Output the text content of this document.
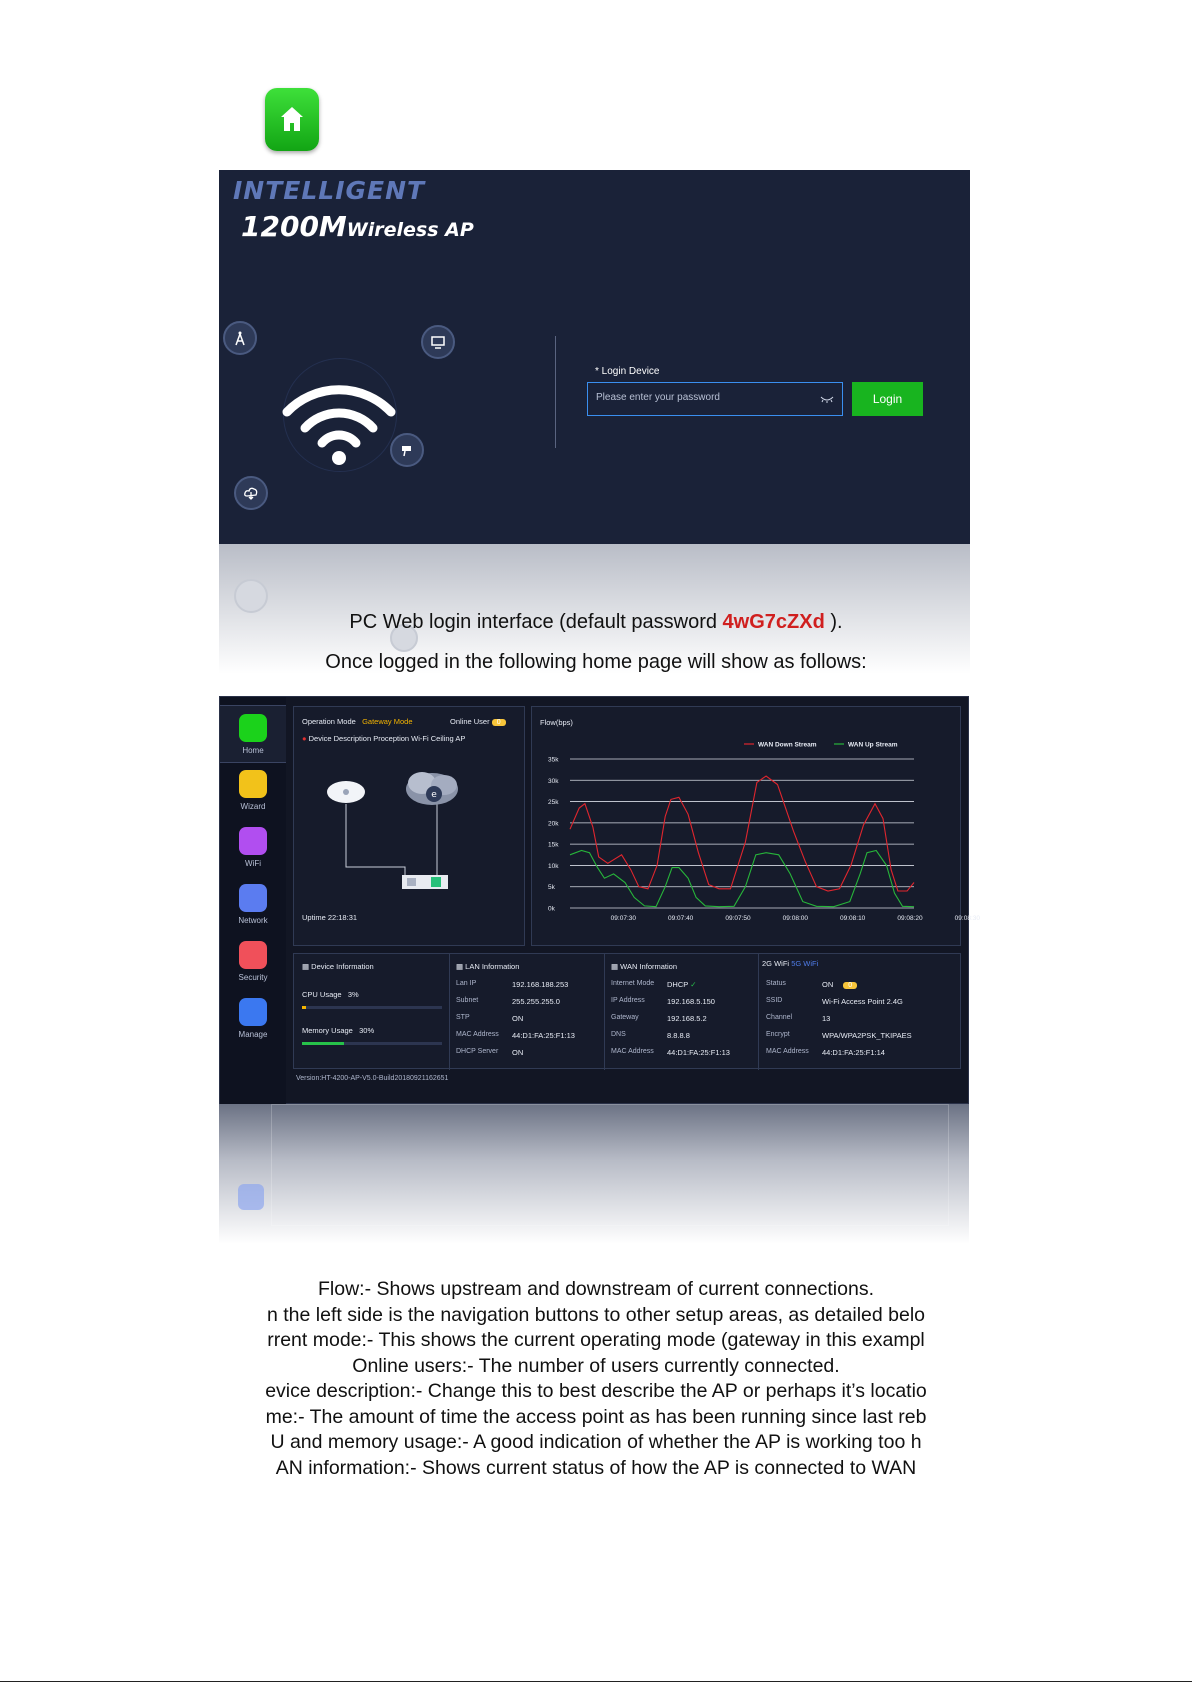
INTELLIGENT
1200MWireless AP
* Login Device
Login
PC Web login interface (default password 4wG7cZXd ).
Once logged in the following home page will show as follows:
Home
Wizard
WiFi
Network
Security
Manage
Operation Mode Gateway Mode	Online User 0
● Device Description Proception Wi-Fi Ceiling AP
e
Uptime 22:18:31
Flow(bps)
0k
5k
10k
15k
20k
25k
30k
35k
09:07:30	09:07:40	09:07:50	09:08:00	09:08:10	09:08:20	09:08:30
WAN Down Stream	WAN Up Stream
▦ Device Information
CPU Usage 3%
Memory Usage 30%
▦ LAN Information	▦ WAN Information	2G WiFi 5G WiFi
Lan IP	192.168.188.253
Subnet	255.255.255.0
STP	ON
MAC Address 44:D1:FA:25:F1:13
DHCP Server ON
Internet Mode DHCP ✓
IP Address	192.168.5.150
Gateway	192.168.5.2
DNS	8.8.8.8
MAC Address 44:D1:FA:25:F1:13
Status	ON 0
SSID	Wi-Fi Access Point 2.4G
Channel	13
Encrypt	WPA/WPA2PSK_TKIPAES
MAC Address 44:D1:FA:25:F1:14
Version:HT-4200-AP-V5.0-Build20180921162651
Flow:- Shows upstream and downstream of current connections.
n the left side is the navigation buttons to other setup areas, as detailed belo
rrent mode:- This shows the current operating mode (gateway in this exampl
Online users:- The number of users currently connected.
evice description:- Change this to best describe the AP or perhaps it’s locatio
me:- The amount of time the access point as has been running since last reb
U and memory usage:- A good indication of whether the AP is working too h
AN information:- Shows current status of how the AP is connected to WAN
